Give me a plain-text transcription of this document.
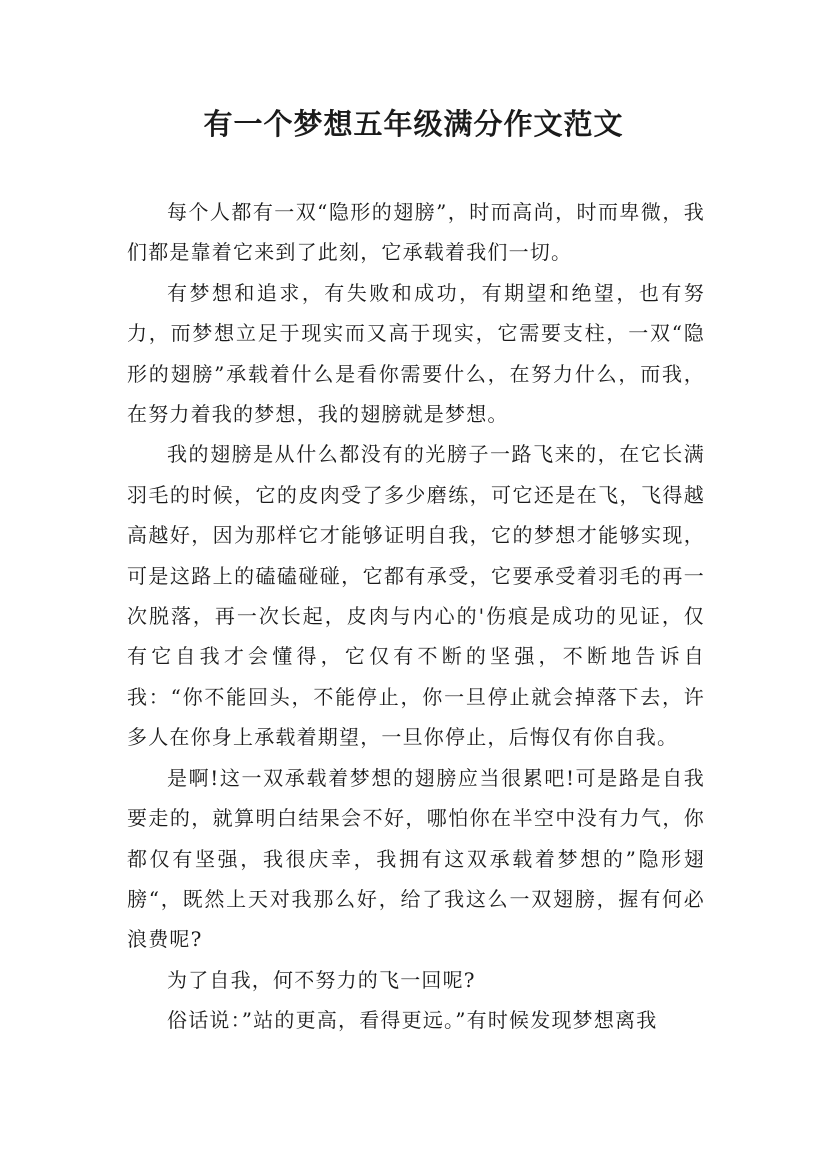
有一个梦想五年级满分作文范文

每个人都有一双“隐形的翅膀”，时而高尚，时而卑微，我们都是靠着它来到了此刻，它承载着我们一切。

有梦想和追求，有失败和成功，有期望和绝望，也有努力，而梦想立足于现实而又高于现实，它需要支柱，一双“隐形的翅膀”承载着什么是看你需要什么，在努力什么，而我，在努力着我的梦想，我的翅膀就是梦想。

我的翅膀是从什么都没有的光膀子一路飞来的，在它长满羽毛的时候，它的皮肉受了多少磨练，可它还是在飞，飞得越高越好，因为那样它才能够证明自我，它的梦想才能够实现，可是这路上的磕磕碰碰，它都有承受，它要承受着羽毛的再一次脱落，再一次长起，皮肉与内心的'伤痕是成功的见证，仅有它自我才会懂得，它仅有不断的坚强，不断地告诉自我：“你不能回头，不能停止，你一旦停止就会掉落下去，许多人在你身上承载着期望，一旦你停止，后悔仅有你自我。

是啊!这一双承载着梦想的翅膀应当很累吧!可是路是自我要走的，就算明白结果会不好，哪怕你在半空中没有力气，你都仅有坚强，我很庆幸，我拥有这双承载着梦想的”隐形翅膀“，既然上天对我那么好，给了我这么一双翅膀，握有何必浪费呢?

为了自我，何不努力的飞一回呢?

俗话说：”站的更高，看得更远。”有时候发现梦想离我
